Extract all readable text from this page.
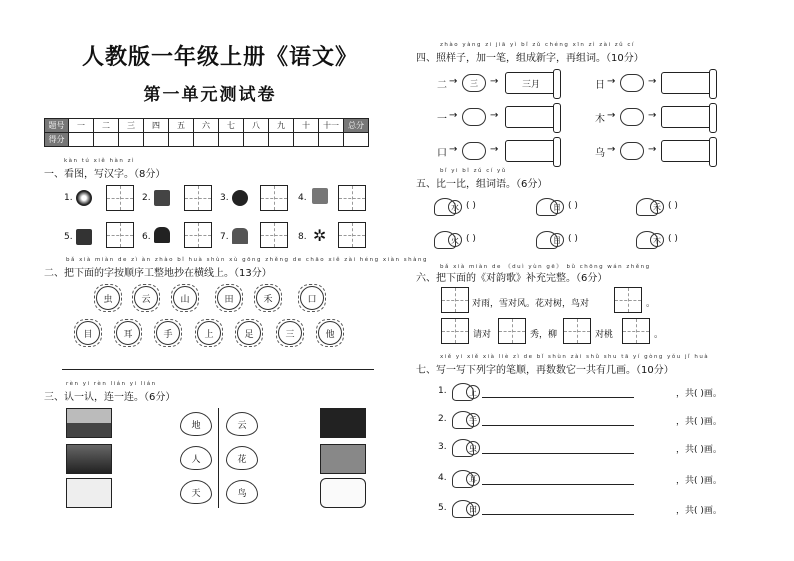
人教版一年级上册《语文》
第一单元测试卷
题号	一	二	三	四	五	六	七	八	九	十	十一	总分
得分												
kàn tú xiě hàn zì
一、看图，写汉字。（8分）
1.	2.	3.	4.
5.	6.	7.	8. ✲
bǎ xià miàn de zì àn zhào bǐ huà shùn xù gōng zhěng de chāo xiě zài héng xiàn shàng
二、把下面的字按顺序工整地抄在横线上。（13分）
虫	云	山	田	禾	口
目	耳	手	上	足	三	他
rèn yi rèn lián yi lián
三、认一认，连一连。（6分）
地
人
天
云
花
鸟
zhào yàng zi jiā yì bǐ zǔ chéng xīn zì zài zǔ cí
四、照样子，加一笔，组成新字，再组词。（10分）
二 →	三	→	三月	日 →	→
一 →	→	木 →	→
口 →	→	乌 →	→
bǐ yi bǐ zǔ cí yǔ
五、比一比，组词语。（6分）
水 ( )	日 ( )	禾 ( )
火 ( )	目 ( )	木 ( )
bǎ xià miàn de 《duì yùn gē》 bǔ chōng wán zhěng
六、把下面的《对韵歌》补充完整。（6分）
对雨，雪对风。花对树，鸟对	。
请对	秀，柳	对桃	。
xiě yi xiě xià liè zì de bǐ shùn zài shǔ shu tā yí gòng yǒu jǐ huà
七、写一写下列字的笔顺，再数数它一共有几画。（10分）
1.	上	，共( )画。
2.	手	，共( )画。
3.	虫	，共( )画。
4.	耳	，共( )画。
5.	田	，共( )画。
